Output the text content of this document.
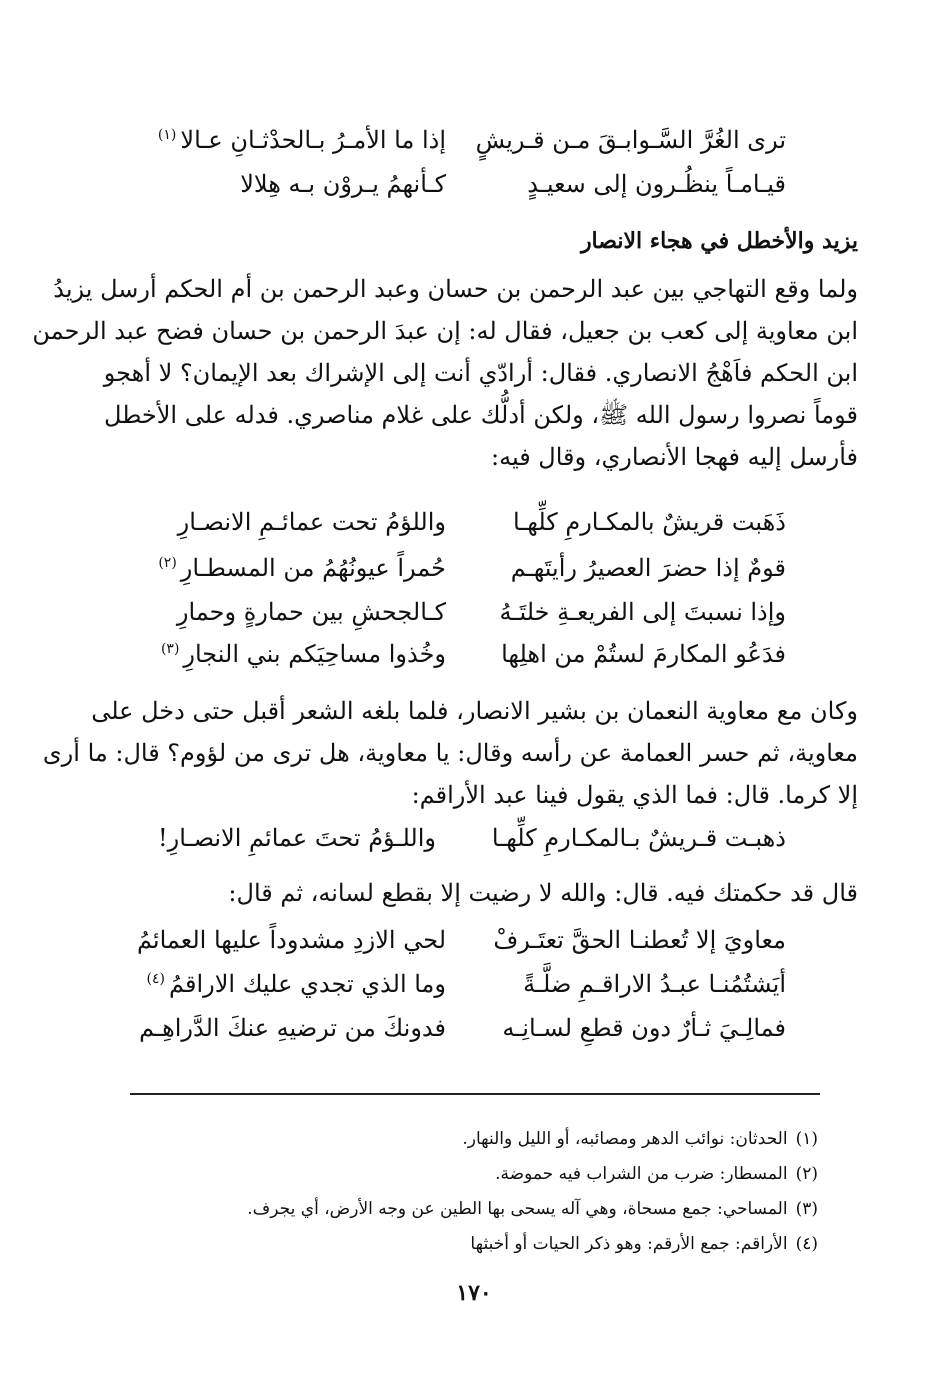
ترى الغُرَّ السَّـوابـقَ مـن قـريشٍ
إذا ما الأمـرُ بـالحدْثـانِ عـالا$^{(١)}$
قيـامـاً ينظُـرون إلى سعيـدٍ
كـأنهمُ يـروْن بـه هِلالا
يزيد والأخطل في هجاء الانصار

ولما وقع التهاجي بين عبد الرحمن بن حسان وعبد الرحمن بن أم الحكم أرسل يزيدُ
ابن معاوية إلى كعب بن جعيل، فقال له: إن عبدَ الرحمن بن حسان فضح عبد الرحمن
ابن الحكم فاَهْجُ الانصاري. فقال: أرادّي أنت إلى الإشراك بعد الإيمان؟ لا أهجو
قوماً نصروا رسول الله ﷺ، ولكن أدلُّك على غلام مناصري. فدله على الأخطل
فأرسل إليه فهجا الأنصاري، وقال فيه:

ذَهَبت قريشٌ بالمكـارمِ كلِّهـا
واللؤمُ تحت عمائـمِ الانصـارِ
قومٌ إذا حضرَ العصيرُ رأيتَهـم
حُمراً عيونُهُمُ من المسطـارِ$^{(٢)}$
وإذا نسبتَ إلى الفريعـةِ خلتَـهُ
كـالجحشِ بين حمارةٍ وحمارِ
فدَعُو المكارمَ لستُمْ من اهلِها
وخُذوا مساحِيَكم بني النجارِ$^{(٣)}$

وكان مع معاوية النعمان بن بشير الانصار، فلما بلغه الشعر أقبل حتى دخل على
معاوية، ثم حسر العمامة عن رأسه وقال: يا معاوية، هل ترى من لؤوم؟ قال: ما أرى
إلا كرما. قال: فما الذي يقول فينا عبد الأراقم:

ذهبـت قـريشٌ بـالمكـارمِ كلِّهـا
واللـؤمُ تحتَ عمائمِ الانصـارِ!

قال قد حكمتك فيه. قال: والله لا رضيت إلا بقطع لسانه، ثم قال:

معاويَ إلا تُعطنـا الحقَّ تعتَـرفْ
لحي الازدِ مشدوداً عليها العمائمُ
أيَشتُمُنـا عبـدُ الاراقـمِ ضلَّـةً
وما الذي تجدي عليك الاراقمُ$^{(٤)}$
فمالِـيَ ثـأرٌ دون قطعِ لسـانِـه
فدونكَ من ترضيهِ عنكَ الدَّراهِـم
(١)الحدثان: نوائب الدهر ومصائبه، أو الليل والنهار.
(٢)المسطار: ضرب من الشراب فيه حموضة.
(٣)المساحي: جمع مسحاة، وهي آله يسحى بها الطين عن وجه الأرض، أي يجرف.
(٤)الأراقم: جمع الأرقم: وهو ذكر الحيات أو أخبثها
١٧٠
